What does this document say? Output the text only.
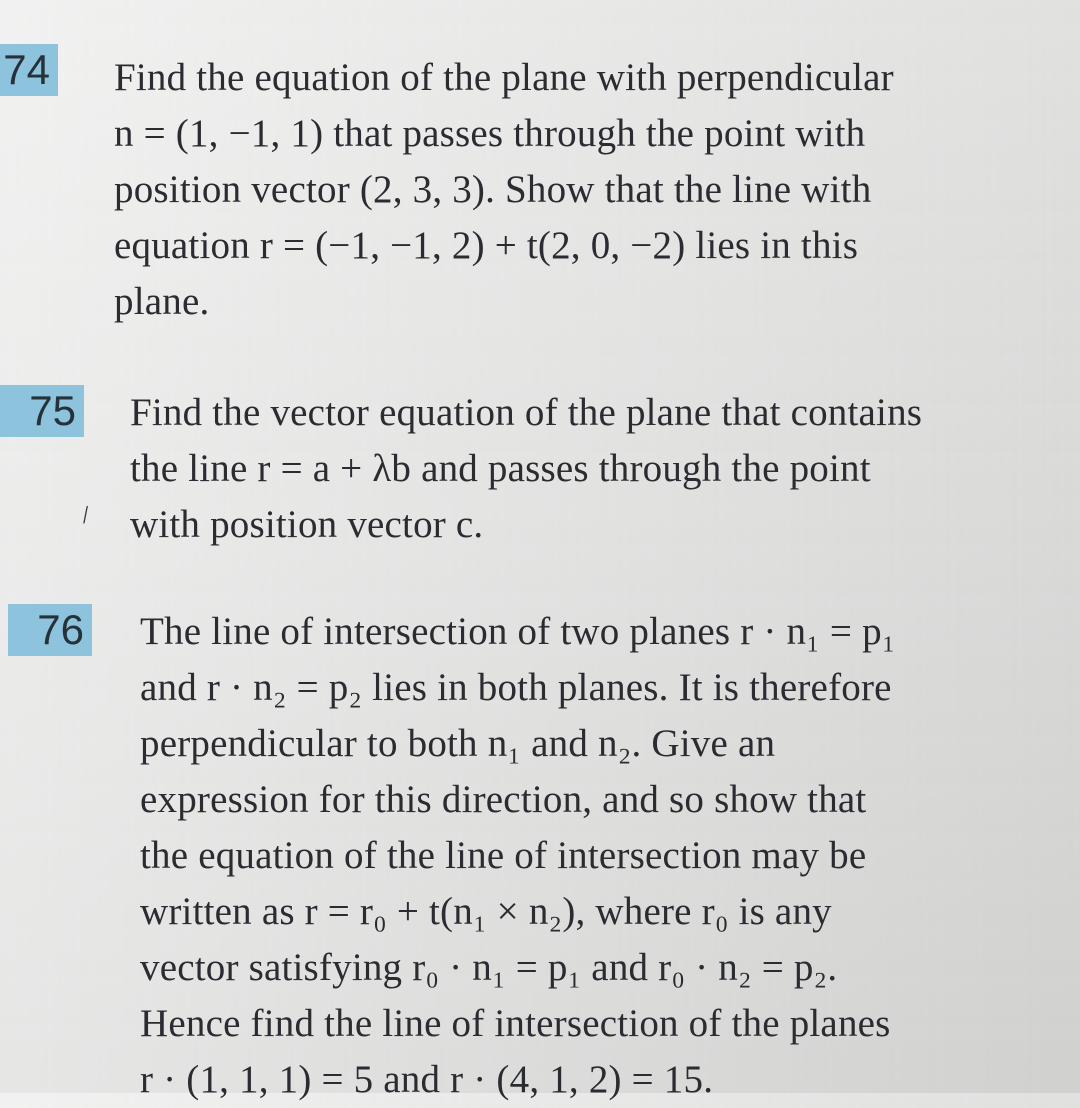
74 Find the equation of the plane with perpendicular
n = (1, −1, 1) that passes through the point with
position vector (2, 3, 3). Show that the line with
equation r = (−1, −1, 2) + t(2, 0, −2) lies in this
plane.
75 Find the vector equation of the plane that contains
the line r = a + λb and passes through the point
with position vector c.
⁄
76 The line of intersection of two planes r · n₁ = p₁
and r · n₂ = p₂ lies in both planes. It is therefore
perpendicular to both n₁ and n₂. Give an
expression for this direction, and so show that
the equation of the line of intersection may be
written as r = r₀ + t(n₁ × n₂), where r₀ is any
vector satisfying r₀ · n₁ = p₁ and r₀ · n₂ = p₂.
Hence find the line of intersection of the planes
r · (1, 1, 1) = 5 and r · (4, 1, 2) = 15.
